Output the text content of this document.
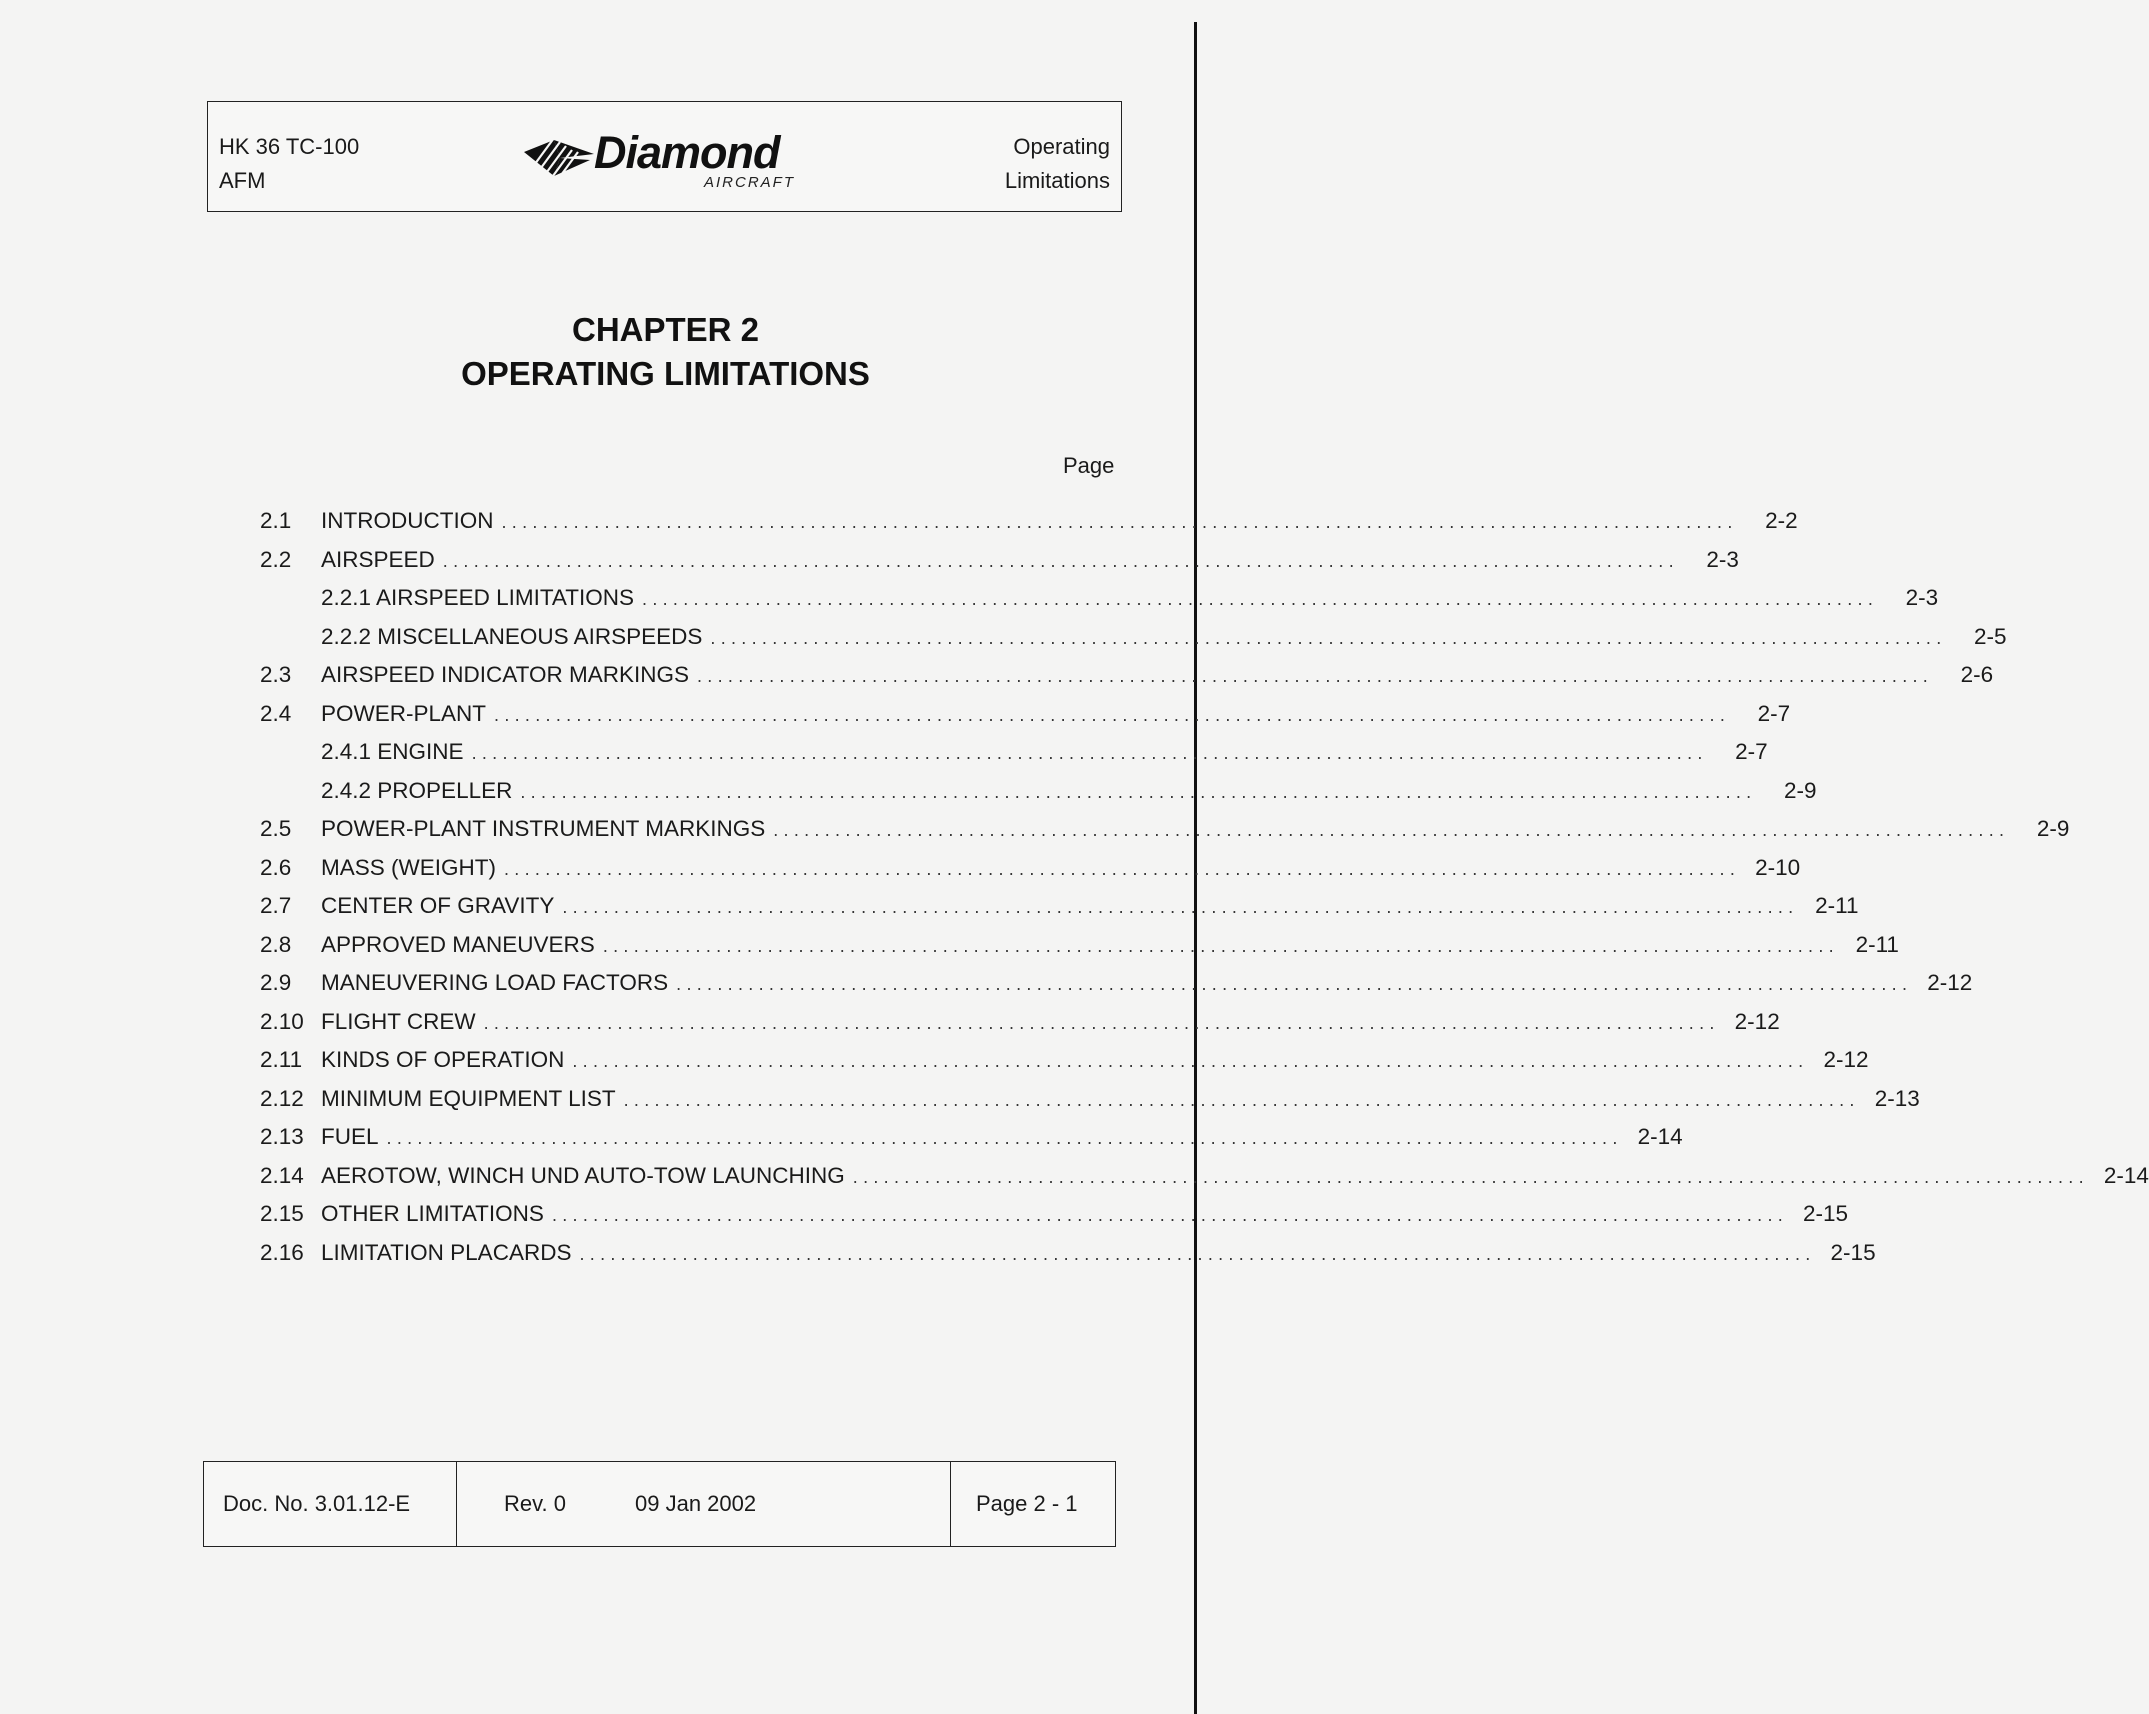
HK 36 TC-100
AFM
Diamond
AIRCRAFT
Operating
Limitations
CHAPTER 2
OPERATING LIMITATIONS
Page
2.1	INTRODUCTION ........................................................................................................................	2-2
2.2	AIRSPEED ........................................................................................................................	2-3
2.2.1 AIRSPEED LIMITATIONS ........................................................................................................................	2-3
2.2.2 MISCELLANEOUS AIRSPEEDS ........................................................................................................................	2-5
2.3	AIRSPEED INDICATOR MARKINGS ........................................................................................................................	2-6
2.4	POWER-PLANT ........................................................................................................................	2-7
2.4.1 ENGINE ........................................................................................................................	2-7
2.4.2 PROPELLER ........................................................................................................................	2-9
2.5	POWER-PLANT INSTRUMENT MARKINGS ........................................................................................................................	2-9
2.6	MASS (WEIGHT) ........................................................................................................................ 2-10
2.7	CENTER OF GRAVITY ........................................................................................................................ 2-11
2.8	APPROVED MANEUVERS ........................................................................................................................ 2-11
2.9	MANEUVERING LOAD FACTORS ........................................................................................................................ 2-12
2.10 FLIGHT CREW ........................................................................................................................ 2-12
2.11 KINDS OF OPERATION ........................................................................................................................ 2-12
2.12 MINIMUM EQUIPMENT LIST ........................................................................................................................ 2-13
2.13 FUEL ........................................................................................................................ 2-14
2.14 AEROTOW, WINCH UND AUTO-TOW LAUNCHING ........................................................................................................................ 2-14
2.15 OTHER LIMITATIONS ........................................................................................................................ 2-15
2.16 LIMITATION PLACARDS ........................................................................................................................ 2-15
Doc. No. 3.01.12-E	Rev. 0	09 Jan 2002	Page 2 - 1
